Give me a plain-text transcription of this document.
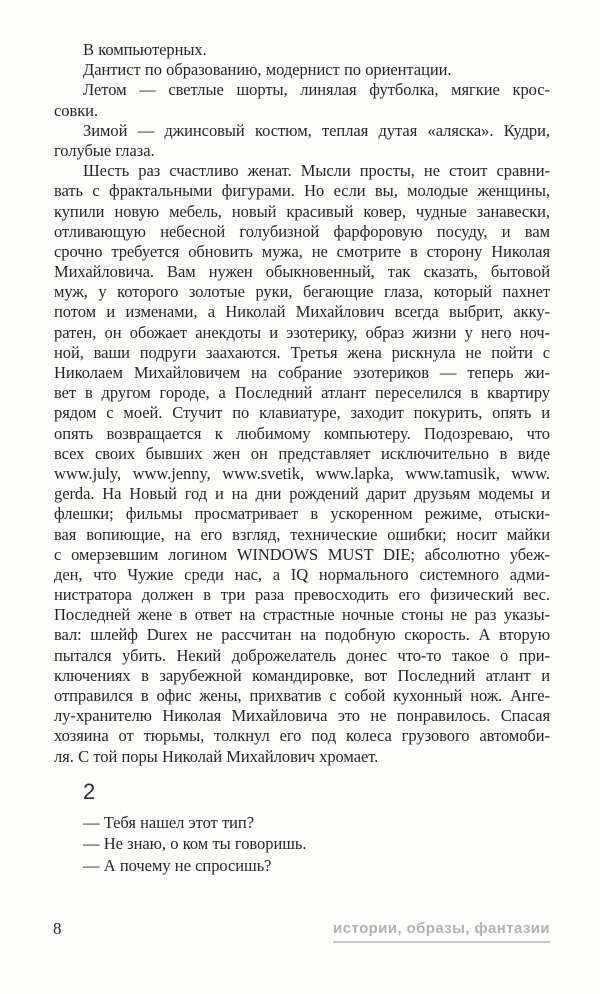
В компьютерных.
Дантист по образованию, модернист по ориентации.
Летом — светлые шорты, линялая футболка, мягкие крос-
совки.
Зимой — джинсовый костюм, теплая дутая «аляска». Кудри,
голубые глаза.
Шесть раз счастливо женат. Мысли просты, не стоит сравни-
вать с фрактальными фигурами. Но если вы, молодые женщины,
купили новую мебель, новый красивый ковер, чудные занавески,
отливающую небесной голубизной фарфоровую посуду, и вам
срочно требуется обновить мужа, не смотрите в сторону Николая
Михайловича. Вам нужен обыкновенный, так сказать, бытовой
муж, у которого золотые руки, бегающие глаза, который пахнет
потом и изменами, а Николай Михайлович всегда выбрит, акку-
ратен, он обожает анекдоты и эзотерику, образ жизни у него ноч-
ной, ваши подруги заахаются. Третья жена рискнула не пойти с
Николаем Михайловичем на собрание эзотериков — теперь жи-
вет в другом городе, а Последний атлант переселился в квартиру
рядом с моей. Стучит по клавиатуре, заходит покурить, опять и
опять возвращается к любимому компьютеру. Подозреваю, что
всех своих бывших жен он представляет исключительно в виде
www.july, www.jenny, www.svetik, www.lapka, www.tamusik, www.
gerda. На Новый год и на дни рождений дарит друзьям модемы и
флешки; фильмы просматривает в ускоренном режиме, отыски-
вая вопиющие, на его взгляд, технические ошибки; носит майки
с омерзевшим логином WINDOWS MUST DIE; абсолютно убеж-
ден, что Чужие среди нас, а IQ нормального системного адми-
нистратора должен в три раза превосходить его физический вес.
Последней жене в ответ на страстные ночные стоны не раз указы-
вал: шлейф Durex не рассчитан на подобную скорость. А вторую
пытался убить. Некий доброжелатель донес что-то такое о при-
ключениях в зарубежной командировке, вот Последний атлант и
отправился в офис жены, прихватив с собой кухонный нож. Анге-
лу-хранителю Николая Михайловича это не понравилось. Спасая
хозяина от тюрьмы, толкнул его под колеса грузового автомоби-
ля. С той поры Николай Михайлович хромает.
2
— Тебя нашел этот тип?
— Не знаю, о ком ты говоришь.
— А почему не спросишь?
8	истории, образы, фантазии
